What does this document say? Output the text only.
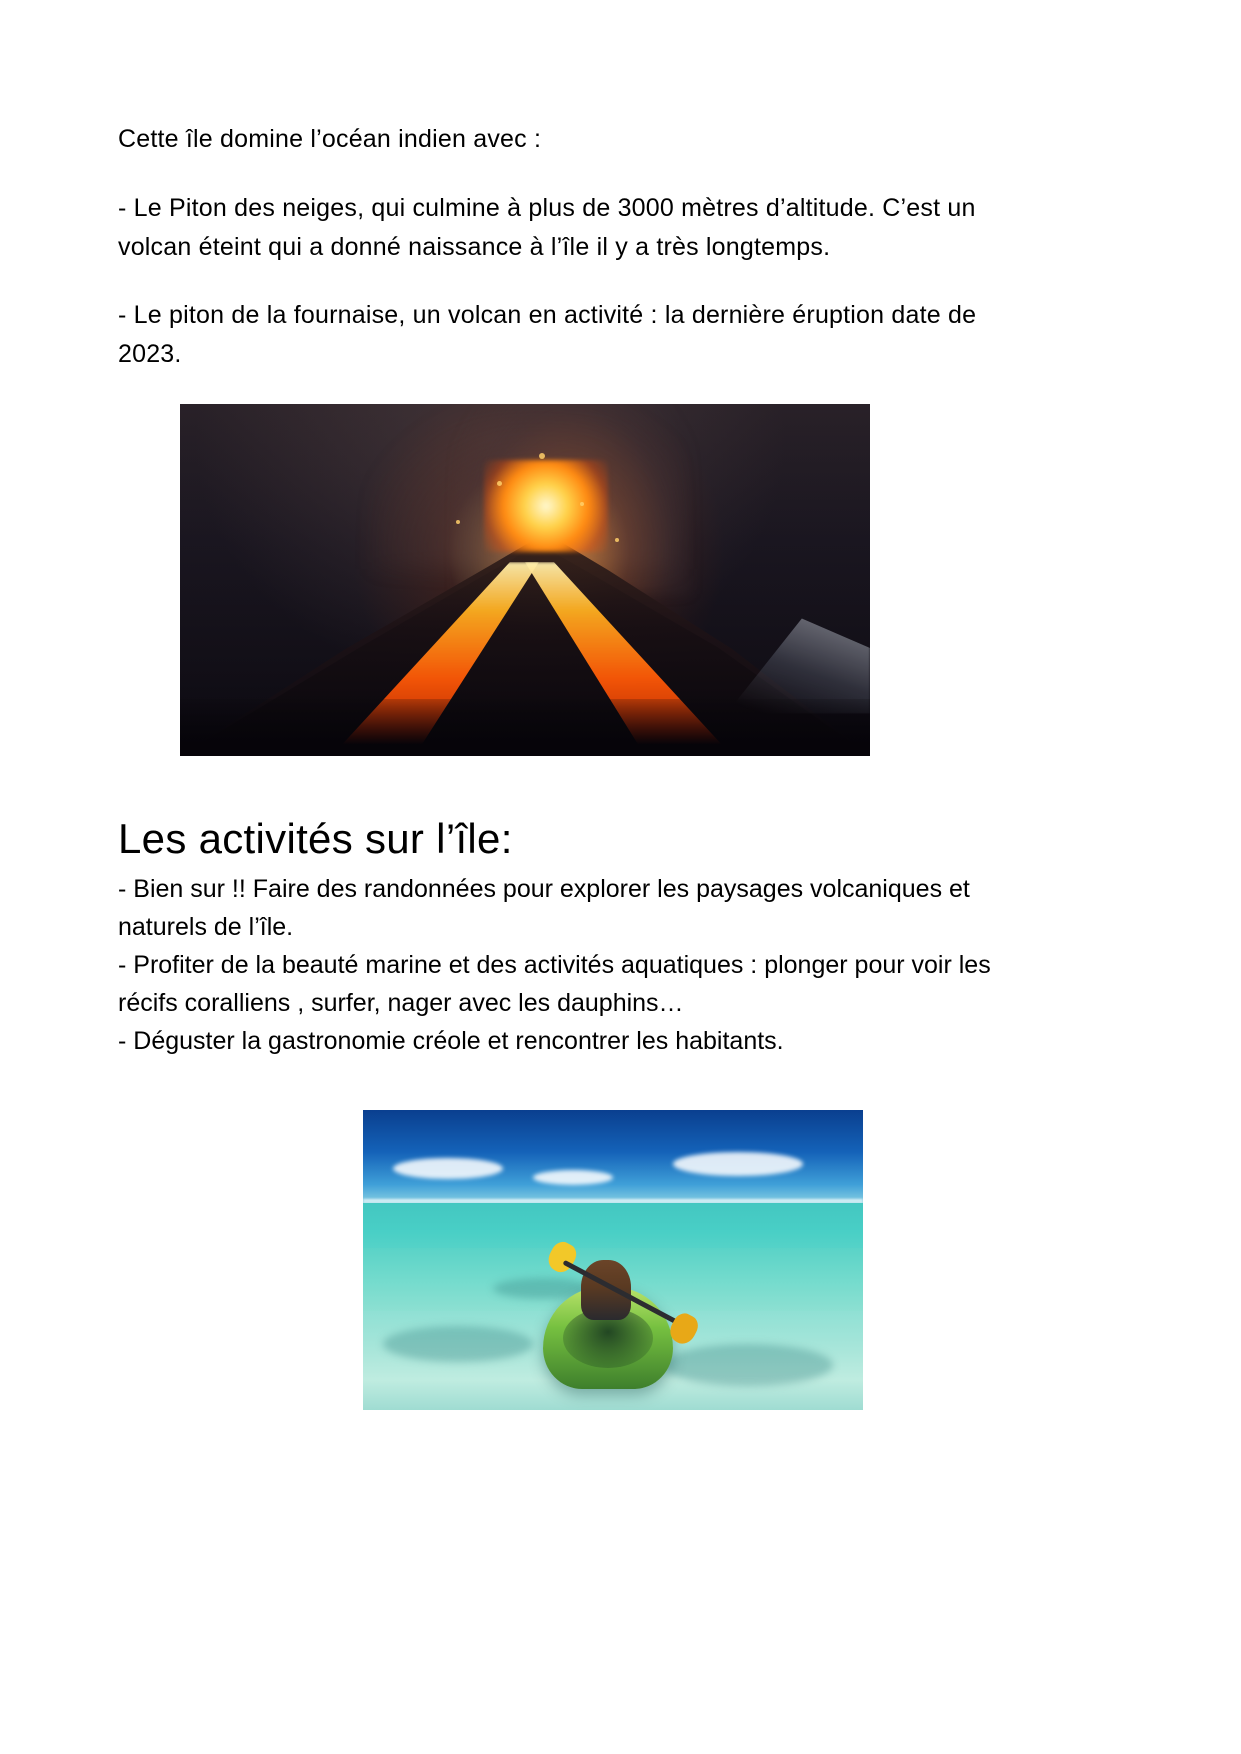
Cette île domine l’océan indien avec :

- Le Piton des neiges, qui culmine à plus de 3000 mètres d’altitude. C’est un volcan éteint qui a donné naissance à l’île il y a très longtemps.

- Le piton de la fournaise, un volcan en activité : la dernière éruption date de 2023.

Les activités sur l’île:

- Bien sur !! Faire des randonnées pour explorer les paysages volcaniques et naturels de l’île.

- Profiter de la beauté marine et des activités aquatiques : plonger pour voir les récifs coralliens , surfer, nager avec les dauphins…

- Déguster la gastronomie créole et rencontrer les habitants.
